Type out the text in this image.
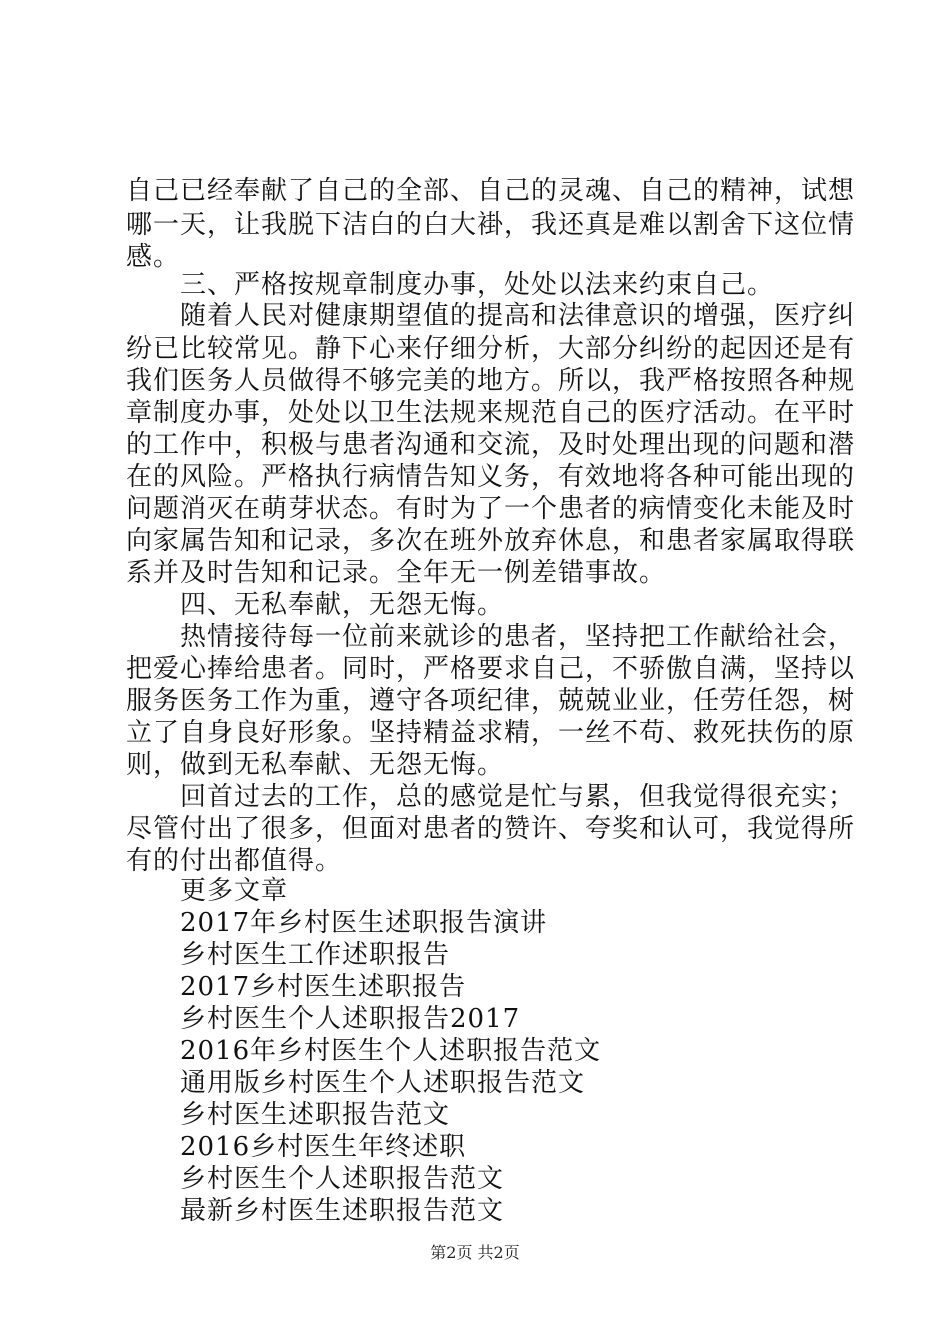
自己已经奉献了自己的全部、自己的灵魂、自己的精神，试想
哪一天，让我脱下洁白的白大褂，我还真是难以割舍下这位情
感。
三、严格按规章制度办事，处处以法来约束自己。
随着人民对健康期望值的提高和法律意识的增强，医疗纠
纷已比较常见。静下心来仔细分析，大部分纠纷的起因还是有
我们医务人员做得不够完美的地方。所以，我严格按照各种规
章制度办事，处处以卫生法规来规范自己的医疗活动。在平时
的工作中，积极与患者沟通和交流，及时处理出现的问题和潜
在的风险。严格执行病情告知义务，有效地将各种可能出现的
问题消灭在萌芽状态。有时为了一个患者的病情变化未能及时
向家属告知和记录，多次在班外放弃休息，和患者家属取得联
系并及时告知和记录。全年无一例差错事故。
四、无私奉献，无怨无悔。
热情接待每一位前来就诊的患者，坚持把工作献给社会，
把爱心捧给患者。同时，严格要求自己，不骄傲自满，坚持以
服务医务工作为重，遵守各项纪律，兢兢业业，任劳任怨，树
立了自身良好形象。坚持精益求精，一丝不苟、救死扶伤的原
则，做到无私奉献、无怨无悔。
回首过去的工作，总的感觉是忙与累，但我觉得很充实；
尽管付出了很多，但面对患者的赞许、夸奖和认可，我觉得所
有的付出都值得。
更多文章
2017年乡村医生述职报告演讲
乡村医生工作述职报告
2017乡村医生述职报告
乡村医生个人述职报告2017
2016年乡村医生个人述职报告范文
通用版乡村医生个人述职报告范文
乡村医生述职报告范文
2016乡村医生年终述职
乡村医生个人述职报告范文
最新乡村医生述职报告范文
第2页 共2页
